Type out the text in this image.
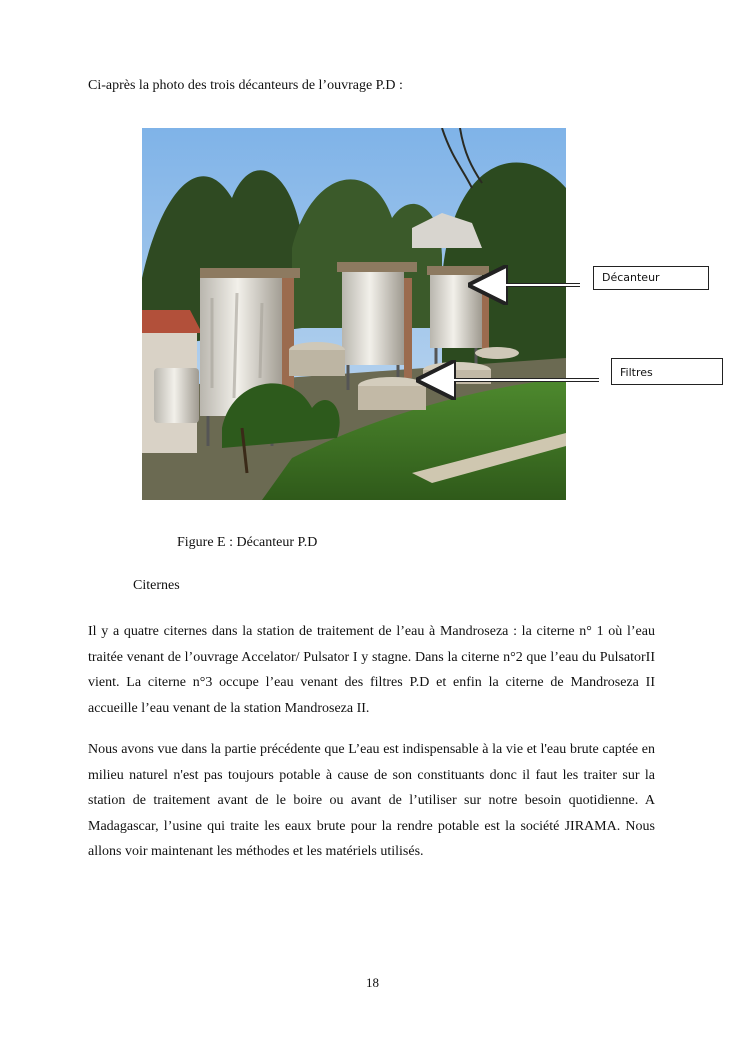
Ci-après la photo des trois décanteurs de l’ouvrage P.D :
Décanteur
Filtres
Figure E : Décanteur P.D
Citernes

Il y a quatre citernes dans la station de traitement de l’eau à Mandroseza : la citerne n° 1 où l’eau traitée venant de l’ouvrage Accelator/ Pulsator I y stagne. Dans la citerne n°2 que l’eau du PulsatorII vient. La citerne n°3 occupe l’eau venant des filtres P.D et enfin la citerne de Mandroseza II accueille l’eau venant de la station Mandroseza II.

Nous avons vue dans la partie précédente que L’eau est indispensable à la vie et l'eau brute captée en milieu naturel n'est pas toujours potable à cause de son constituants donc il faut les traiter sur la station de traitement avant de le boire ou avant de l’utiliser sur notre besoin quotidienne. A Madagascar, l’usine qui traite les eaux brute pour la rendre potable est la société JIRAMA. Nous allons voir maintenant les méthodes et les matériels utilisés.

18
